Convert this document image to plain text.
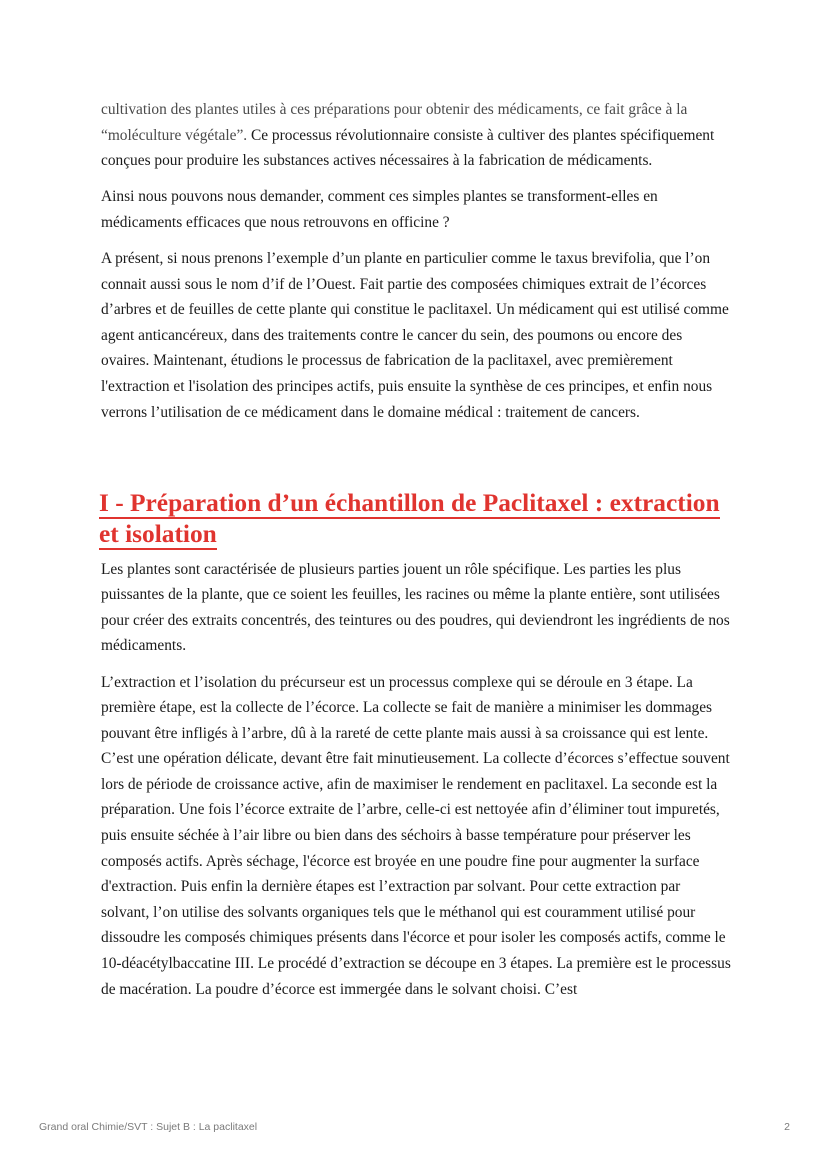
cultivation des plantes utiles à ces préparations pour obtenir des médicaments, ce fait grâce à la “moléculture végétale”. Ce processus révolutionnaire consiste à cultiver des plantes spécifiquement conçues pour produire les substances actives nécessaires à la fabrication de médicaments.

Ainsi nous pouvons nous demander, comment ces simples plantes se transforment-elles en médicaments efficaces que nous retrouvons en officine ?

A présent, si nous prenons l’exemple d’un plante en particulier comme le taxus brevifolia, que l’on connait aussi sous le nom d’if de l’Ouest. Fait partie des composées chimiques extrait de l’écorces d’arbres et de feuilles de cette plante qui constitue le paclitaxel. Un médicament qui est utilisé comme agent anticancéreux, dans des traitements contre le cancer du sein, des poumons ou encore des ovaires. Maintenant, étudions le processus de fabrication de la paclitaxel, avec premièrement l'extraction et l'isolation des principes actifs, puis ensuite la synthèse de ces principes, et enfin nous verrons l’utilisation de ce médicament dans le domaine médical : traitement de cancers.

I - Préparation d’un échantillon de Paclitaxel : extraction et isolation

Les plantes sont caractérisée de plusieurs parties jouent un rôle spécifique. Les parties les plus puissantes de la plante, que ce soient les feuilles, les racines ou même la plante entière, sont utilisées pour créer des extraits concentrés, des teintures ou des poudres, qui deviendront les ingrédients de nos médicaments.

L’extraction et l’isolation du précurseur est un processus complexe qui se déroule en 3 étape. La première étape, est la collecte de l’écorce. La collecte se fait de manière a minimiser les dommages pouvant être infligés à l’arbre, dû à la rareté de cette plante mais aussi à sa croissance qui est lente. C’est une opération délicate, devant être fait minutieusement. La collecte d’écorces s’effectue souvent lors de période de croissance active, afin de maximiser le rendement en paclitaxel. La seconde est la préparation. Une fois l’écorce extraite de l’arbre, celle-ci est nettoyée afin d’éliminer tout impuretés, puis ensuite séchée à l’air libre ou bien dans des séchoirs à basse température pour préserver les composés actifs. Après séchage, l'écorce est broyée en une poudre fine pour augmenter la surface d'extraction. Puis enfin la dernière étapes est l’extraction par solvant. Pour cette extraction par solvant, l’on utilise des solvants organiques tels que le méthanol qui est couramment utilisé pour dissoudre les composés chimiques présents dans l'écorce et pour isoler les composés actifs, comme le 10-déacétylbaccatine III. Le procédé d’extraction se découpe en 3 étapes. La première est le processus de macération. La poudre d’écorce est immergée dans le solvant choisi. C’est

Grand oral Chimie/SVT : Sujet B : La paclitaxel	2
